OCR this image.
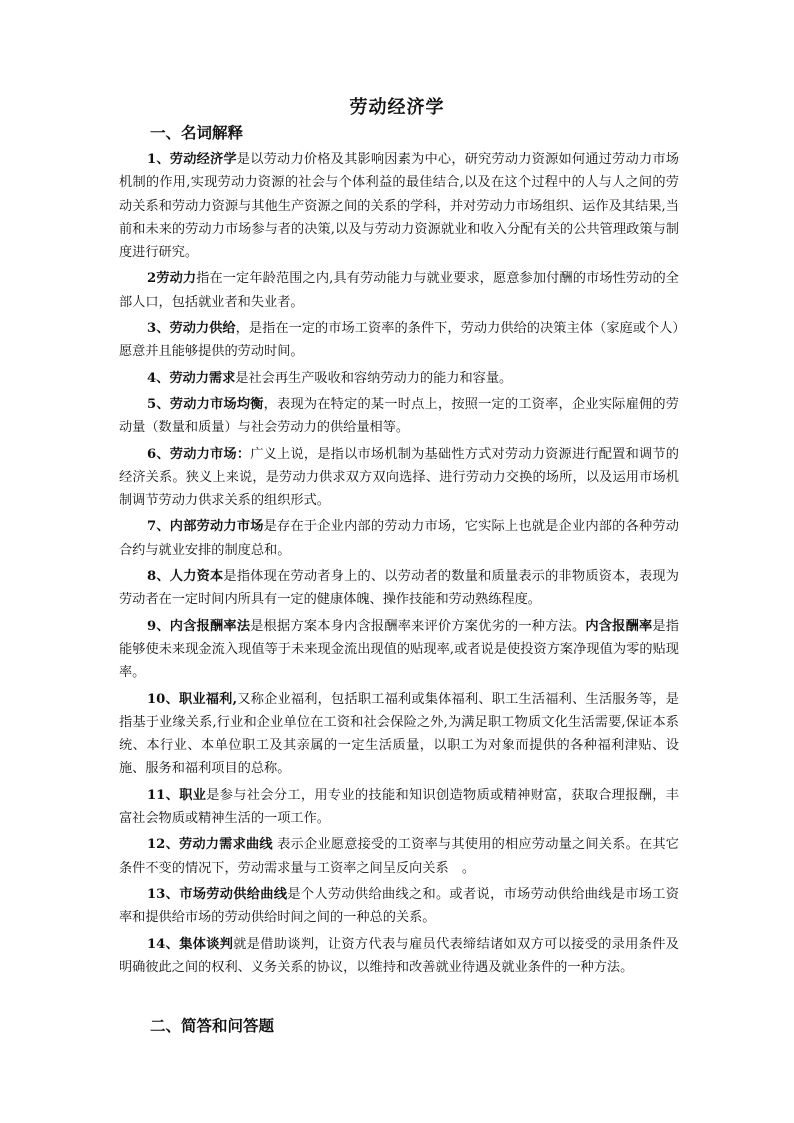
劳动经济学
一、名词解释

1、劳动经济学是以劳动力价格及其影响因素为中心，研究劳动力资源如何通过劳动力市场机制的作用,实现劳动力资源的社会与个体利益的最佳结合,以及在这个过程中的人与人之间的劳动关系和劳动力资源与其他生产资源之间的关系的学科，并对劳动力市场组织、运作及其结果,当前和未来的劳动力市场参与者的决策,以及与劳动力资源就业和收入分配有关的公共管理政策与制度进行研究。

2劳动力指在一定年龄范围之内,具有劳动能力与就业要求，愿意参加付酬的市场性劳动的全部人口，包括就业者和失业者。

3、劳动力供给，是指在一定的市场工资率的条件下，劳动力供给的决策主体（家庭或个人）愿意并且能够提供的劳动时间。

4、劳动力需求是社会再生产吸收和容纳劳动力的能力和容量。

5、劳动力市场均衡，表现为在特定的某一时点上，按照一定的工资率，企业实际雇佣的劳动量（数量和质量）与社会劳动力的供给量相等。

6、劳动力市场：广义上说，是指以市场机制为基础性方式对劳动力资源进行配置和调节的经济关系。狭义上来说，是劳动力供求双方双向选择、进行劳动力交换的场所，以及运用市场机制调节劳动力供求关系的组织形式。

7、内部劳动力市场是存在于企业内部的劳动力市场，它实际上也就是企业内部的各种劳动合约与就业安排的制度总和。

8、人力资本是指体现在劳动者身上的、以劳动者的数量和质量表示的非物质资本，表现为劳动者在一定时间内所具有一定的健康体魄、操作技能和劳动熟练程度。

9、内含报酬率法是根据方案本身内含报酬率来评价方案优劣的一种方法。内含报酬率是指能够使未来现金流入现值等于未来现金流出现值的贴现率,或者说是使投资方案净现值为零的贴现率。

10、职业福利,又称企业福利，包括职工福利或集体福利、职工生活福利、生活服务等，是指基于业缘关系,行业和企业单位在工资和社会保险之外,为满足职工物质文化生活需要,保证本系统、本行业、本单位职工及其亲属的一定生活质量，以职工为对象而提供的各种福利津贴、设施、服务和福利项目的总称。

11、职业是参与社会分工，用专业的技能和知识创造物质或精神财富，获取合理报酬，丰富社会物质或精神生活的一项工作。

12、劳动力需求曲线 表示企业愿意接受的工资率与其使用的相应劳动量之间关系。在其它条件不变的情况下，劳动需求量与工资率之间呈反向关系　。

13、市场劳动供给曲线是个人劳动供给曲线之和。或者说，市场劳动供给曲线是市场工资率和提供给市场的劳动供给时间之间的一种总的关系。

14、集体谈判就是借助谈判，让资方代表与雇员代表缔结诸如双方可以接受的录用条件及明确彼此之间的权利、义务关系的协议，以维持和改善就业待遇及就业条件的一种方法。

二、简答和问答题
